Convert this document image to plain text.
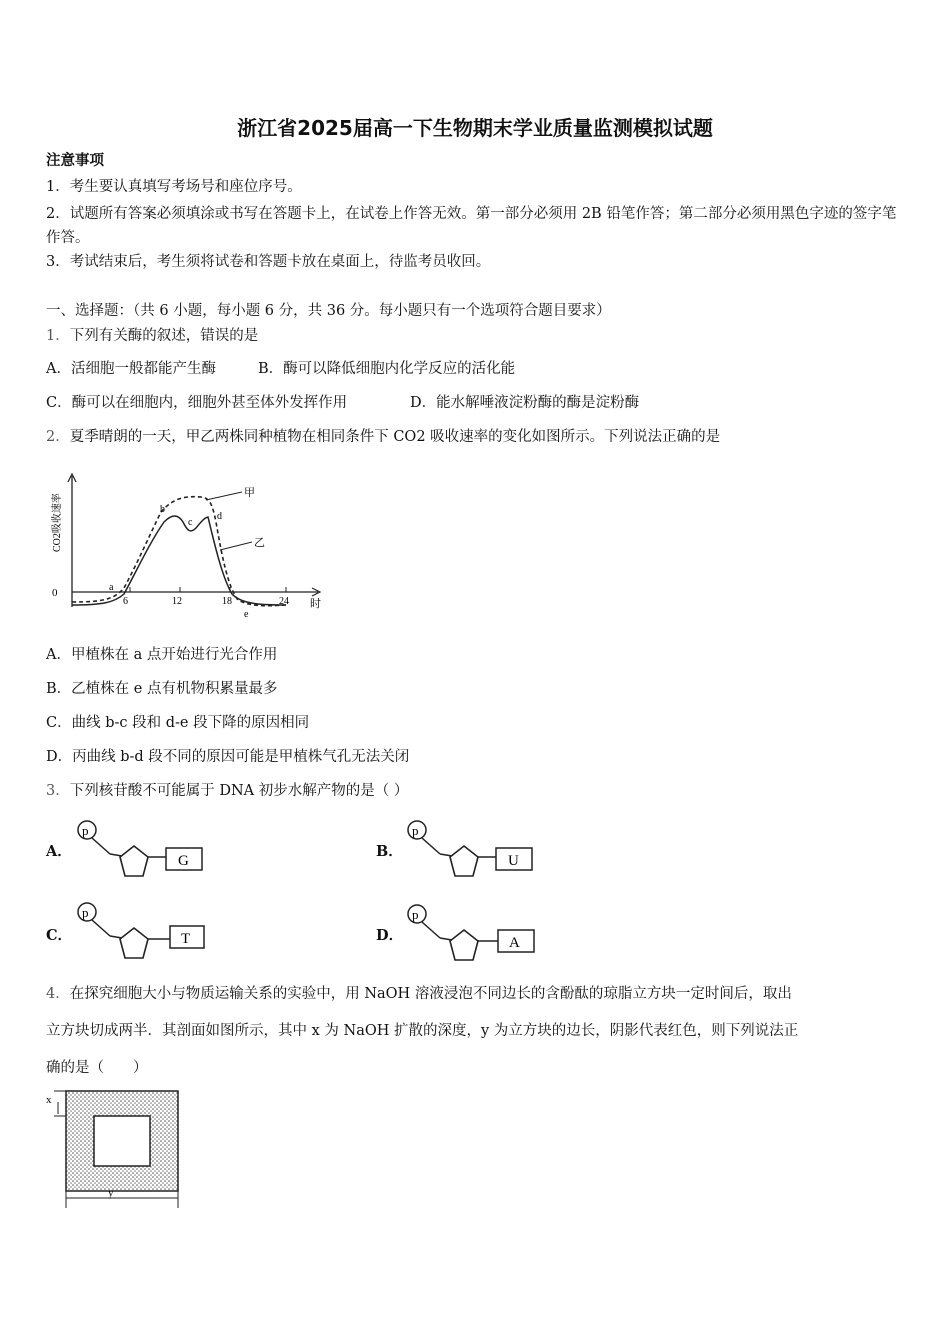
浙江省2025届高一下生物期末学业质量监测模拟试题
注意事项
1．考生要认真填写考场号和座位序号。
2．试题所有答案必须填涂或书写在答题卡上，在试卷上作答无效。第一部分必须用 2B 铅笔作答；第二部分必须用黑色字迹的签字笔作答。
3．考试结束后，考生须将试卷和答题卡放在桌面上，待监考员收回。
一、选择题：（共 6 小题，每小题 6 分，共 36 分。每小题只有一个选项符合题目要求）
1．下列有关酶的叙述，错误的是
A．活细胞一般都能产生酶	B．酶可以降低细胞内化学反应的活化能
C．酶可以在细胞内，细胞外甚至体外发挥作用	D．能水解唾液淀粉酶的酶是淀粉酶
2．夏季晴朗的一天，甲乙两株同种植物在相同条件下 CO2 吸收速率的变化如图所示。下列说法正确的是
CO2吸收速率
0
6	12	18	24 时
甲
乙
a
b
c
d
e
A．甲植株在 a 点开始进行光合作用
B．乙植株在 e 点有机物积累量最多
C．曲线 b-c 段和 d-e 段下降的原因相同
D．丙曲线 b-d 段不同的原因可能是甲植株气孔无法关闭
3．下列核苷酸不可能属于 DNA 初步水解产物的是（ ）
A．
p
G
B．
p
U
C．
p
T	D．
p
A
4．在探究细胞大小与物质运输关系的实验中，用 NaOH 溶液浸泡不同边长的含酚酞的琼脂立方块一定时间后，取出
立方块切成两半．其剖面如图所示，其中 x 为 NaOH 扩散的深度，y 为立方块的边长，阴影代表红色，则下列说法正
确的是（　　）
x
y
